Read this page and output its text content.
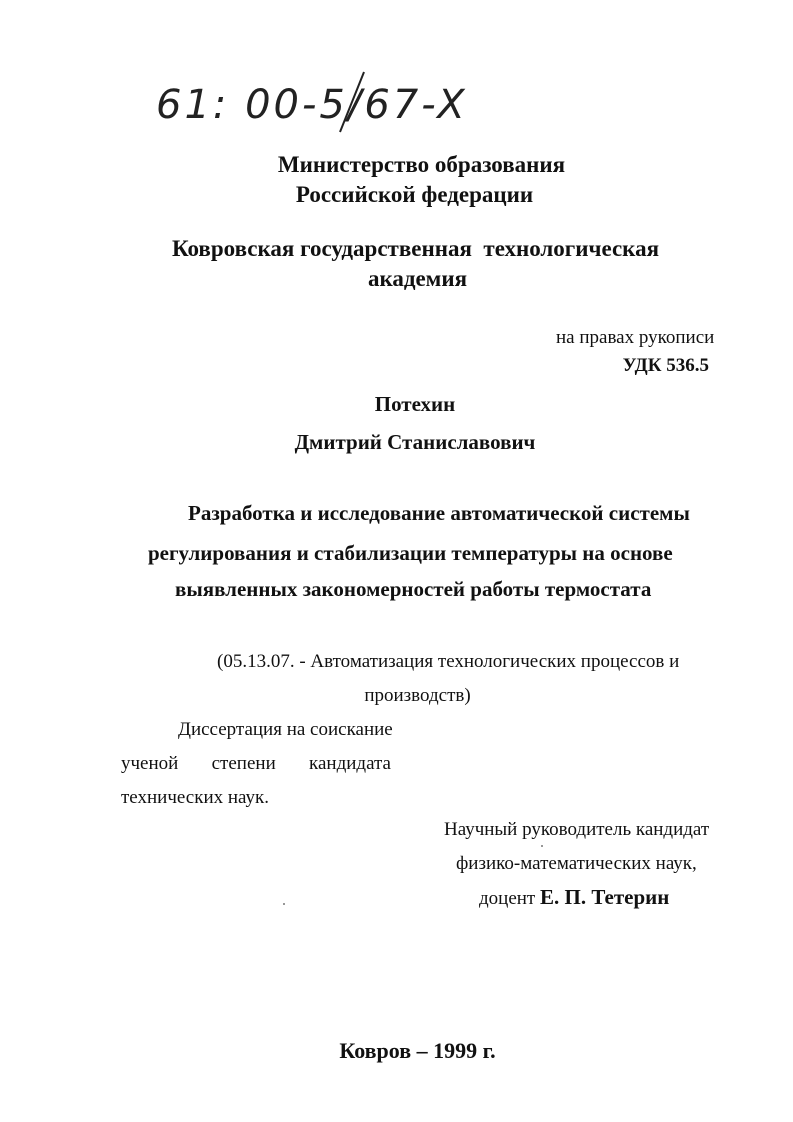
61: 00-5/67-X
Министерство образования
Российской федерации
Ковровская государственная  технологическая
академия
на правах рукописи
УДК 536.5
Потехин
Дмитрий Станиславович
Разработка и исследование автоматической системы
регулирования и стабилизации температуры на основе
выявленных закономерностей работы термостата
(05.13.07. - Автоматизация технологических процессов и
производств)
Диссертация на соискание
ученой степени кандидата
технических наук.
Научный руководитель кандидат
физико-математических наук,
доцент Е. П. Тетерин
Ковров – 1999 г.
